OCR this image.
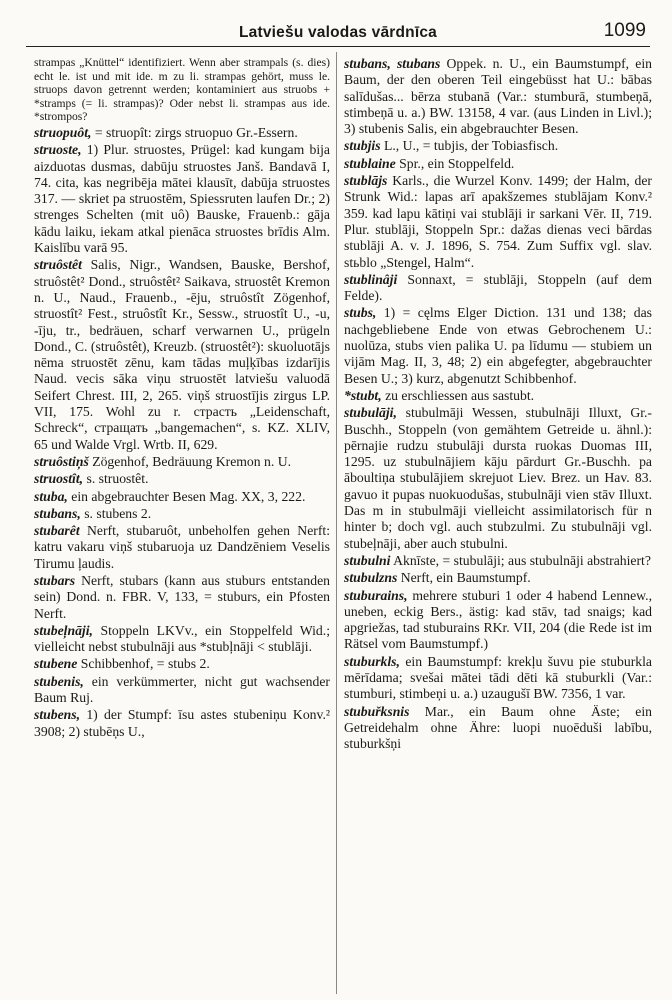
Latviešu valodas vārdnīca	1099

strampas „Knüttel“ identifiziert. Wenn aber strampals (s. dies) echt le. ist und mit ide. m zu li. strampas gehört, muss le. struops davon getrennt werden; kontaminiert aus struobs + *stramps (= li. strampas)? Oder nebst li. strampas aus ide. *strompos?

struopuôt, = struopît: zirgs struopuo Gr.-Essern.

struoste, 1) Plur. struostes, Prügel: kad kungam bija aizduotas dusmas, dabūju struostes Janš. Bandavā I, 74. cita, kas negribēja mātei klausīt, dabūja struostes 317. — skriet pa struostēm, Spiessruten laufen Dr.; 2) strenges Schelten (mit uô) Bauske, Frauenb.: gāja kādu laiku, iekam atkal pienāca struostes brīdis Alm. Kaislību varā 95.

struôstêt Salis, Nigr., Wandsen, Bauske, Bershof, struôstêt² Dond., struôstêt² Saikava, struostêt Kremon n. U., Naud., Frauenb., -ēju, struôstît Zögenhof, struostît² Fest., struôstît Kr., Sessw., struostît U., -u, -īju, tr., bedräuen, scharf verwarnen U., prügeln Dond., C. (struôstêt), Kreuzb. (struostêt²): skuoluotājs nēma struostēt zēnu, kam tādas muļķības izdarījis Naud. vecis sāka viņu struostēt latviešu valuodā Seifert Chrest. III, 2, 265. viņš struostījis zirgus LP. VII, 175. Wohl zu r. страсть „Leidenschaft, Schreck“, стращать „bangemachen“, s. KZ. XLIV, 65 und Walde Vrgl. Wrtb. II, 629.

struôstiņš Zögenhof, Bedräuung Kremon n. U.

struostît, s. struostêt.

stuba, ein abgebrauchter Besen Mag. XX, 3, 222.

stubans, s. stubens 2.

stubarêt Nerft, stubaruôt, unbeholfen gehen Nerft: katru vakaru viņš stubaruoja uz Dandzēniem Veselis Tirumu ļaudis.

stubars Nerft, stubars (kann aus stuburs entstanden sein) Dond. n. FBR. V, 133, = stuburs, ein Pfosten Nerft.

stubeļnāji, Stoppeln LKVv., ein Stoppelfeld Wid.; vielleicht nebst stubulnāji aus *stubļnāji < stublāji.

stubene Schibbenhof, = stubs 2.

stubenis, ein verkümmerter, nicht gut wachsender Baum Ruj.

stubens, 1) der Stumpf: īsu astes stubeniņu Konv.² 3908; 2) stubēņs U.,

stubans, stubans Oppek. n. U., ein Baumstumpf, ein Baum, der den oberen Teil eingebüsst hat U.: bābas salīdušas... bērza stubanā (Var.: stumburā, stumbeņā, stimbeņā u. a.) BW. 13158, 4 var. (aus Linden in Livl.); 3) stubenis Salis, ein abgebrauchter Besen.

stubjis L., U., = tubjis, der Tobiasfisch.

stublaine Spr., ein Stoppelfeld.

stublājs Karls., die Wurzel Konv. 1499; der Halm, der Strunk Wid.: lapas arī apakšzemes stublājam Konv.² 359. kad lapu kātiņi vai stublāji ir sarkani Vēr. II, 719. Plur. stublāji, Stoppeln Spr.: dažas dienas veci bārdas stublāji A. v. J. 1896, S. 754. Zum Suffix vgl. slav. stьblo „Stengel, Halm“.

stublinâji Sonnaxt, = stublāji, Stoppeln (auf dem Felde).

stubs, 1) = cęlms Elger Diction. 131 und 138; das nachgebliebene Ende von etwas Gebrochenem U.: nuolūza, stubs vien palika U. pa līdumu — stubiem un vijām Mag. II, 3, 48; 2) ein abgefegter, abgebrauchter Besen U.; 3) kurz, abgenutzt Schibbenhof.

*stubt, zu erschliessen aus sastubt.

stubulāji, stubulmāji Wessen, stubulnāji Illuxt, Gr.-Buschh., Stoppeln (von gemähtem Getreide u. ähnl.): pērnajie rudzu stubulāji dursta ruokas Duomas III, 1295. uz stubulnājiem kāju pārdurt Gr.-Buschh. pa āboultiņa stubulājiem skrejuot Liev. Brez. un Hav. 83. gavuo it pupas nuokuodušas, stubulnāji vien stāv Illuxt. Das m in stubulmāji vielleicht assimilatorisch für n hinter b; doch vgl. auch stubzulmi. Zu stubulnāji vgl. stubeļnāji, aber auch stubulni.

stubulni Aknīste, = stubulāji; aus stubulnāji abstrahiert?

stubulzns Nerft, ein Baumstumpf.

stuburains, mehrere stuburi 1 oder 4 habend Lennew., uneben, eckig Bers., ästig: kad stāv, tad snaigs; kad apgriežas, tad stuburains RKr. VII, 204 (die Rede ist im Rätsel vom Baumstumpf.)

stuburkls, ein Baumstumpf: krekļu šuvu pie stuburkla mērīdama; svešai mātei tādi dēti kā stuburkli (Var.: stumburi, stimbeņi u. a.) uzaugušī BW. 7356, 1 var.

stubuřksnis Mar., ein Baum ohne Äste; ein Getreidehalm ohne Ähre: luopi nuoēduši labību, stuburkšņi
